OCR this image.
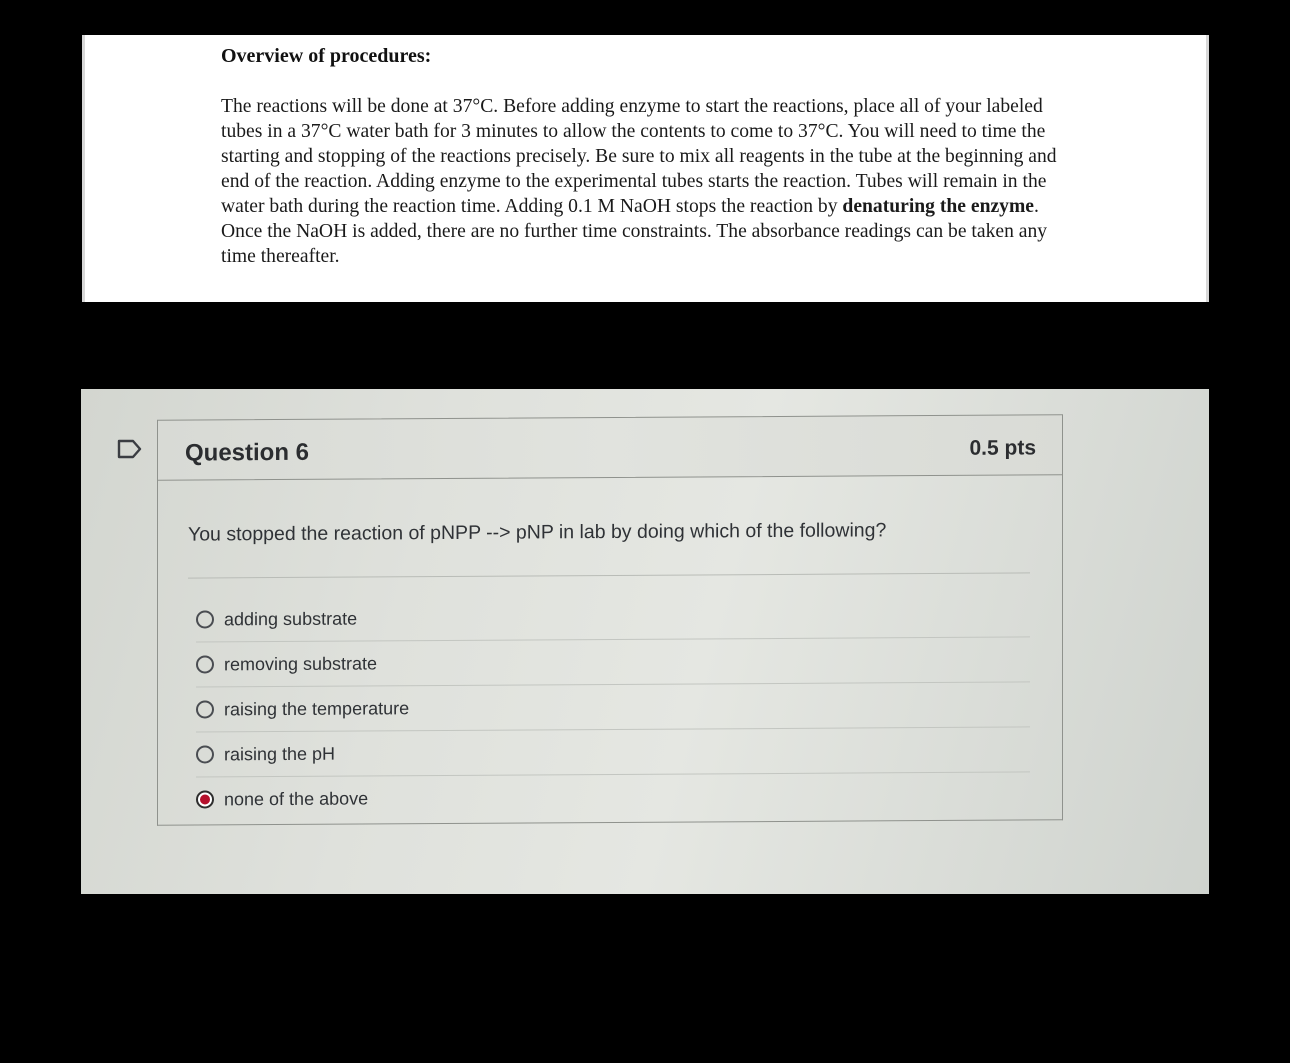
Overview of procedures:

The reactions will be done at 37°C. Before adding enzyme to start the reactions, place all of your labeled tubes in a 37°C water bath for 3 minutes to allow the contents to come to 37°C. You will need to time the starting and stopping of the reactions precisely. Be sure to mix all reagents in the tube at the beginning and end of the reaction. Adding enzyme to the experimental tubes starts the reaction. Tubes will remain in the water bath during the reaction time. Adding 0.1 M NaOH stops the reaction by denaturing the enzyme. Once the NaOH is added, there are no further time constraints. The absorbance readings can be taken any time thereafter.

Question 6	0.5 pts
You stopped the reaction of pNPP --> pNP in lab by doing which of the following?
adding substrate
removing substrate
raising the temperature
raising the pH
none of the above
